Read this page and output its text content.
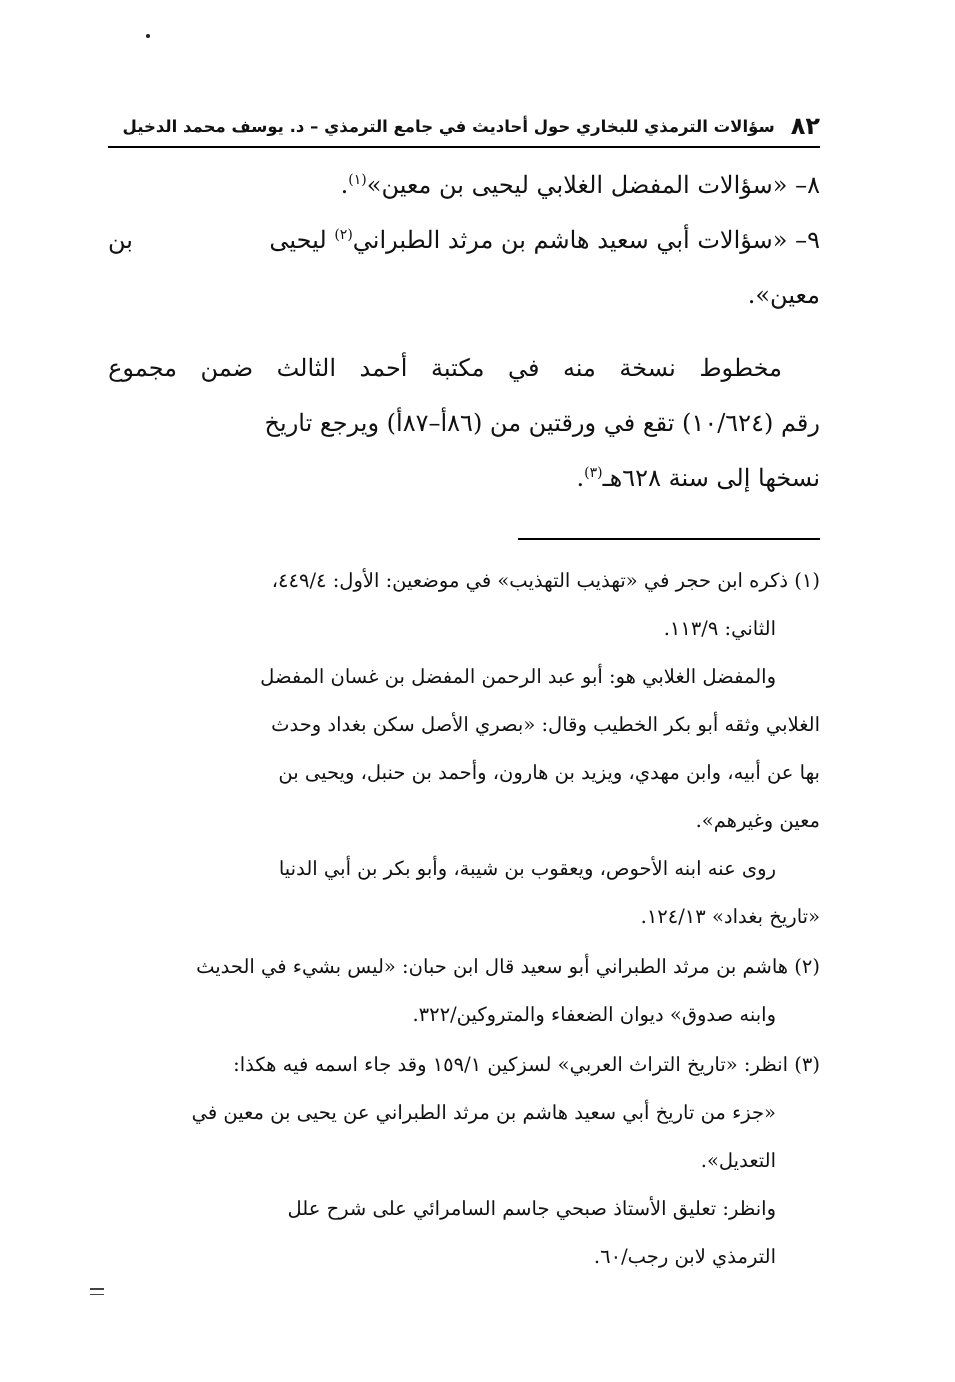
٨٢
سؤالات الترمذي للبخاري حول أحاديث في جامع الترمذي – د. يوسف محمد الدخيل
٨– «سؤالات المفضل الغلابي ليحيى بن معين»$^{(١)}$.
٩– «سؤالات أبي سعيد هاشم بن مرثد الطبراني$^{(٢)}$ ليحيى
بن
معين».
مخطوط
نسخة
منه
في
مكتبة
أحمد
الثالث
ضمن
مجموع
رقم (١٠/٦٢٤) تقع في ورقتين من (٨٦أ–٨٧أ) ويرجع تاريخ
نسخها إلى سنة ٦٢٨هـ$^{(٣)}$.
(١) ذكره ابن حجر في «تهذيب التهذيب» في موضعين: الأول: ٤٤٩/٤،
الثاني: ١١٣/٩.
والمفضل الغلابي هو: أبو عبد الرحمن المفضل بن غسان المفضل
الغلابي وثقه أبو بكر الخطيب وقال: «بصري الأصل سكن بغداد وحدث
بها عن أبيه، وابن مهدي، ويزيد بن هارون، وأحمد بن حنبل، ويحيى بن
معين وغيرهم».
روى عنه ابنه الأحوص، ويعقوب بن شيبة، وأبو بكر بن أبي الدنيا
«تاريخ بغداد» ١٢٤/١٣.
(٢) هاشم بن مرثد الطبراني أبو سعيد قال ابن حبان: «ليس بشيء في الحديث
وابنه صدوق» ديوان الضعفاء والمتروكين/٣٢٢.
(٣) انظر: «تاريخ التراث العربي» لسزكين ١٥٩/١ وقد جاء اسمه فيه هكذا:
«جزء من تاريخ أبي سعيد هاشم بن مرثد الطبراني عن يحيى بن معين في
التعديل».
وانظر: تعليق الأستاذ صبحي جاسم السامرائي على شرح علل
الترمذي لابن رجب/٦٠.
